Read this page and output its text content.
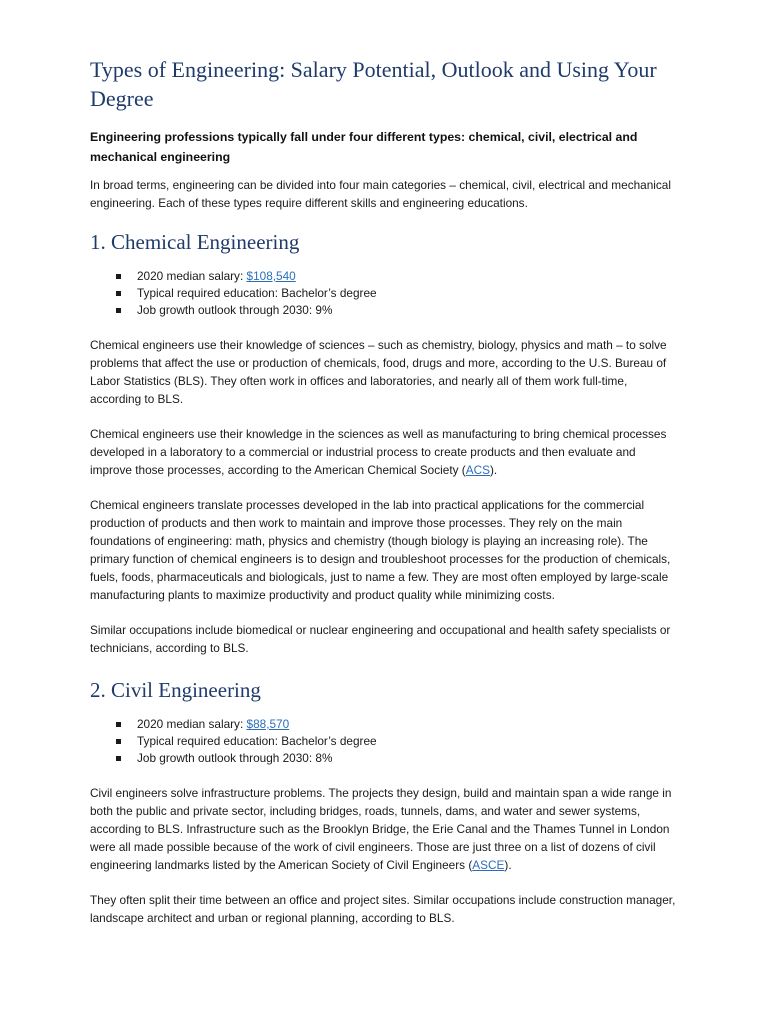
Types of Engineering: Salary Potential, Outlook and Using Your Degree
Engineering professions typically fall under four different types: chemical, civil, electrical and mechanical engineering

In broad terms, engineering can be divided into four main categories – chemical, civil, electrical and mechanical engineering. Each of these types require different skills and engineering educations.

1. Chemical Engineering
2020 median salary: $108,540
Typical required education: Bachelor’s degree
Job growth outlook through 2030: 9%

Chemical engineers use their knowledge of sciences – such as chemistry, biology, physics and math – to solve problems that affect the use or production of chemicals, food, drugs and more, according to the U.S. Bureau of Labor Statistics (BLS). They often work in offices and laboratories, and nearly all of them work full-time, according to BLS.

Chemical engineers use their knowledge in the sciences as well as manufacturing to bring chemical processes developed in a laboratory to a commercial or industrial process to create products and then evaluate and improve those processes, according to the American Chemical Society (ACS).

Chemical engineers translate processes developed in the lab into practical applications for the commercial production of products and then work to maintain and improve those processes. They rely on the main foundations of engineering: math, physics and chemistry (though biology is playing an increasing role). The primary function of chemical engineers is to design and troubleshoot processes for the production of chemicals, fuels, foods, pharmaceuticals and biologicals, just to name a few. They are most often employed by large-scale manufacturing plants to maximize productivity and product quality while minimizing costs.

Similar occupations include biomedical or nuclear engineering and occupational and health safety specialists or technicians, according to BLS.

2. Civil Engineering
2020 median salary: $88,570
Typical required education: Bachelor’s degree
Job growth outlook through 2030: 8%

Civil engineers solve infrastructure problems. The projects they design, build and maintain span a wide range in both the public and private sector, including bridges, roads, tunnels, dams, and water and sewer systems, according to BLS. Infrastructure such as the Brooklyn Bridge, the Erie Canal and the Thames Tunnel in London were all made possible because of the work of civil engineers. Those are just three on a list of dozens of civil engineering landmarks listed by the American Society of Civil Engineers (ASCE).

They often split their time between an office and project sites. Similar occupations include construction manager, landscape architect and urban or regional planning, according to BLS.
